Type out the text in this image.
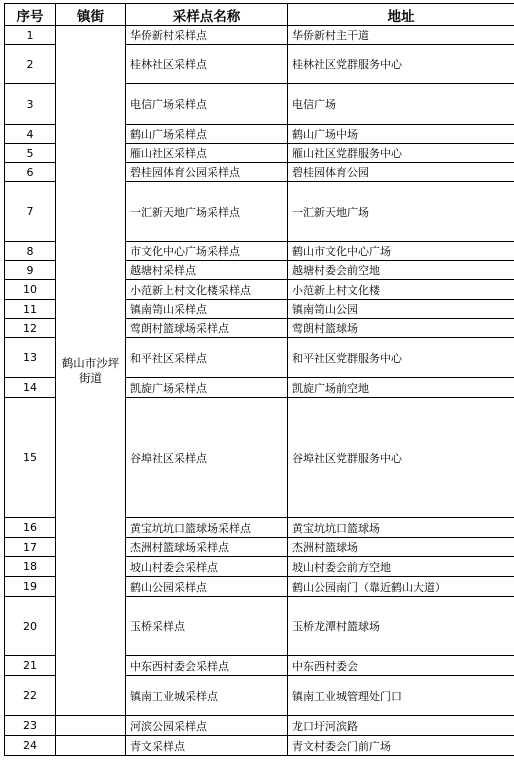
序号	镇街	采样点名称	地址
1	鹤山市沙坪街道	华侨新村采样点	华侨新村主干道
2		桂林社区采样点	桂林社区党群服务中心
3		电信广场采样点	电信广场
4		鹤山广场采样点	鹤山广场中场
5		雁山社区采样点	雁山社区党群服务中心
6		碧桂园体育公园采样点	碧桂园体育公园
7		一汇新天地广场采样点	一汇新天地广场
8		市文化中心广场采样点	鹤山市文化中心广场
9		越塘村采样点	越塘村委会前空地
10		小范新上村文化楼采样点	小范新上村文化楼
11		镇南笥山采样点	镇南笥山公园
12		莺朗村篮球场采样点	莺朗村篮球场
13		和平社区采样点	和平社区党群服务中心
14		凯旋广场采样点	凯旋广场前空地
15		谷埠社区采样点	谷埠社区党群服务中心
16		黄宝坑坑口篮球场采样点	黄宝坑坑口篮球场
17		杰洲村篮球场采样点	杰洲村篮球场
18		坡山村委会采样点	坡山村委会前方空地
19		鹤山公园采样点	鹤山公园南门（靠近鹤山大道）
20		玉桥采样点	玉桥龙潭村篮球场
21		中东西村委会采样点	中东西村委会
22		镇南工业城采样点	镇南工业城管理处门口
23		河滨公园采样点	龙口圩河滨路
24		青文采样点	青文村委会门前广场
